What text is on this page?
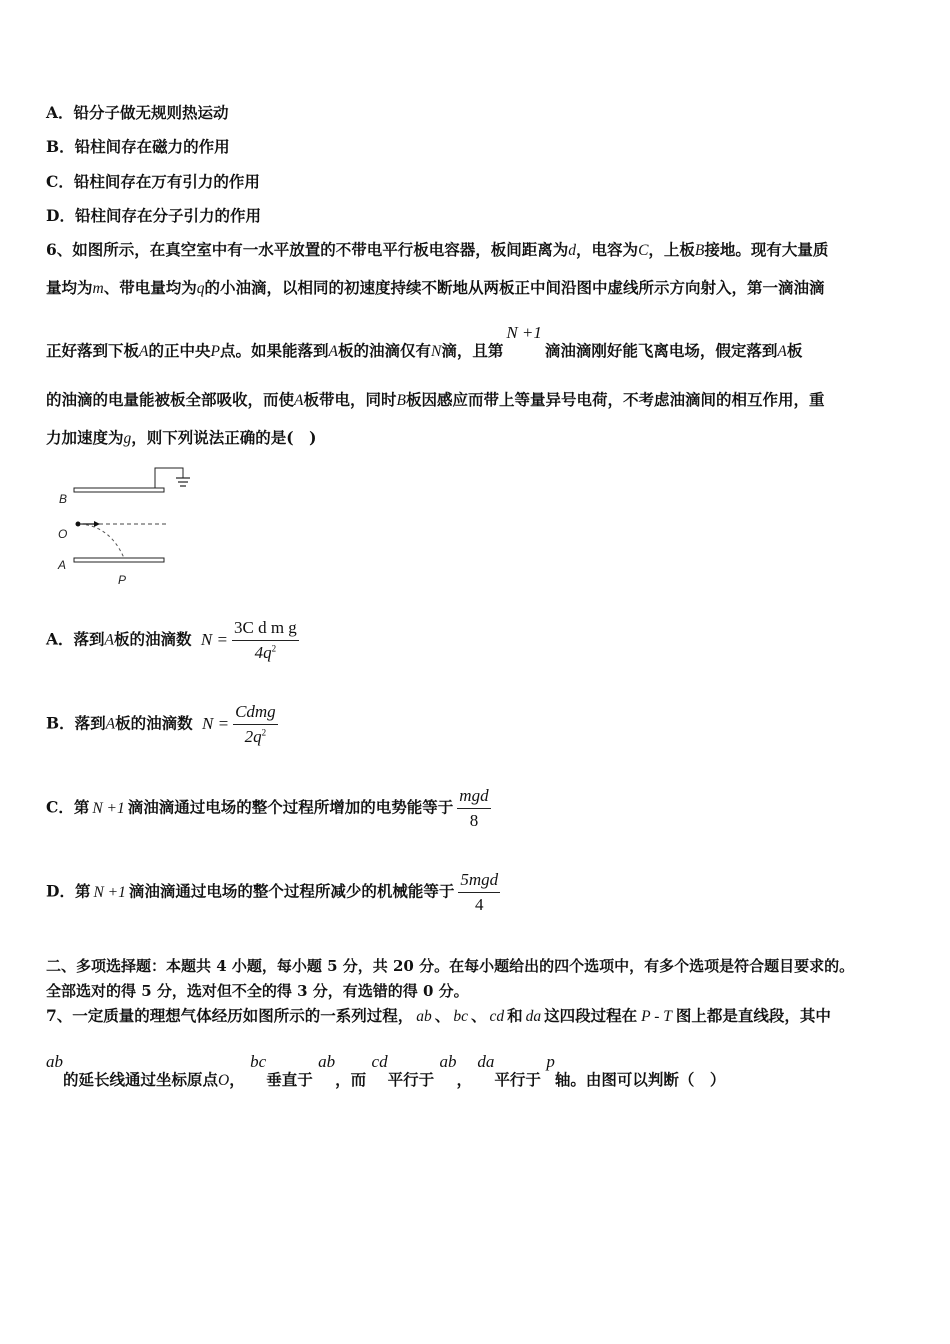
A．铅分子做无规则热运动
B．铅柱间存在磁力的作用
C．铅柱间存在万有引力的作用
D．铅柱间存在分子引力的作用
6、如图所示，在真空室中有一水平放置的不带电平行板电容器，板间距离为d，电容为C，上板B接地。现有大量质
量均为m、带电量均为q的小油滴，以相同的初速度持续不断地从两板正中间沿图中虚线所示方向射入，第一滴油滴
正好落到下板A的正中央P点。如果能落到A板的油滴仅有N滴，且第N +1滴油滴刚好能飞离电场，假定落到A板
的油滴的电量能被板全部吸收，而使A板带电，同时B板因感应而带上等量异号电荷，不考虑油滴间的相互作用，重
力加速度为g，则下列说法正确的是(　)
B
O
A
P
A．落到A板的油滴数 $N = \frac{\text{3C d m g}}{4q^2}$
B．落到A板的油滴数 $N = \frac{\text{Cdmg}}{2q^2}$
C．第 N +1 滴油滴通过电场的整个过程所增加的电势能等于 $\frac{\text{mgd}}{8}$
D．第 N +1 滴油滴通过电场的整个过程所减少的机械能等于 $\frac{\text{5mgd}}{4}$
二、多项选择题：本题共 4 小题，每小题 5 分，共 20 分。在每小题给出的四个选项中，有多个选项是符合题目要求的。
全部选对的得 5 分，选对但不全的得 3 分，有选错的得 0 分。
7、一定质量的理想气体经历如图所示的一系列过程， ab 、 bc 、 cd 和 da 这四段过程在 P - T 图上都是直线段，其中
ab的延长线通过坐标原点O， bc垂直于 ab，而 cd平行于 ab， da平行于 p轴。由图可以判断（　）
